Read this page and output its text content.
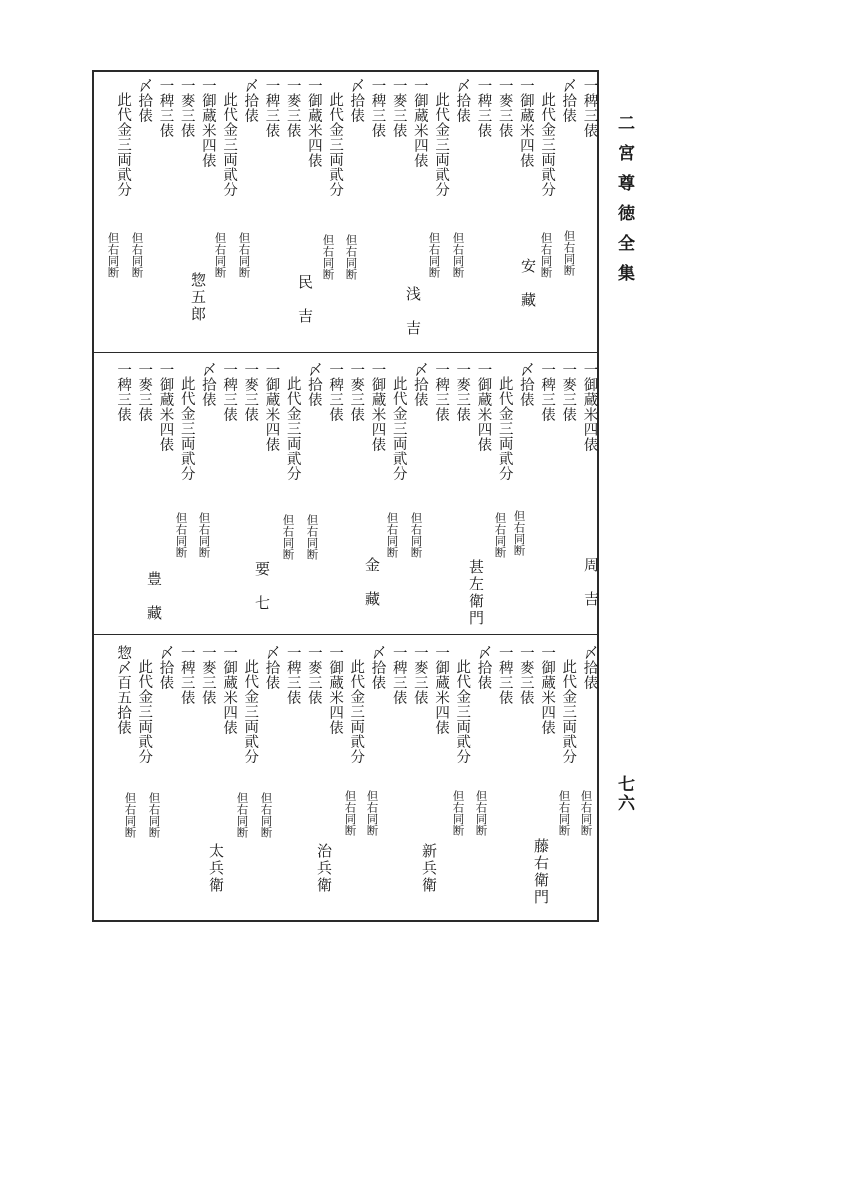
二宮尊徳全集
七六
一稗三俵
〆拾俵
此代金三両貮分
一御蔵米四俵
一麥三俵
一稗三俵
〆拾俵
此代金三両貮分
一御蔵米四俵
一麥三俵
一稗三俵
〆拾俵
此代金三両貮分
一御蔵米四俵
一麥三俵
一稗三俵
〆拾俵
此代金三両貮分
一御蔵米四俵
一麥三俵
一稗三俵
〆拾俵
此代金三両貮分
但右同断
但右同断
但右同断
但右同断
但右同断
但右同断
但右同断
但右同断
但右同断
但右同断
安　藏
浅　吉
民　吉
惣五郎
一御蔵米四俵
一麥三俵
一稗三俵
〆拾俵
此代金三両貮分
一御蔵米四俵
一麥三俵
一稗三俵
〆拾俵
此代金三両貮分
一御蔵米四俵
一麥三俵
一稗三俵
〆拾俵
此代金三両貮分
一御蔵米四俵
一麥三俵
一稗三俵
〆拾俵
此代金三両貮分
一御蔵米四俵
一麥三俵
一稗三俵
但右同断
但右同断
但右同断
但右同断
但右同断
但右同断
但右同断
但右同断
周　吉
甚左衛門
金　藏
要　七
豊　藏
〆拾俵
此代金三両貮分
一御蔵米四俵
一麥三俵
一稗三俵
〆拾俵
此代金三両貮分
一御蔵米四俵
一麥三俵
一稗三俵
〆拾俵
此代金三両貮分
一御蔵米四俵
一麥三俵
一稗三俵
〆拾俵
此代金三両貮分
一御蔵米四俵
一麥三俵
一稗三俵
〆拾俵
此代金三両貮分
惣〆百五拾俵
但右同断
但右同断
但右同断
但右同断
但右同断
但右同断
但右同断
但右同断
但右同断
但右同断
藤右衛門
新兵衛
治兵衛
太兵衛
